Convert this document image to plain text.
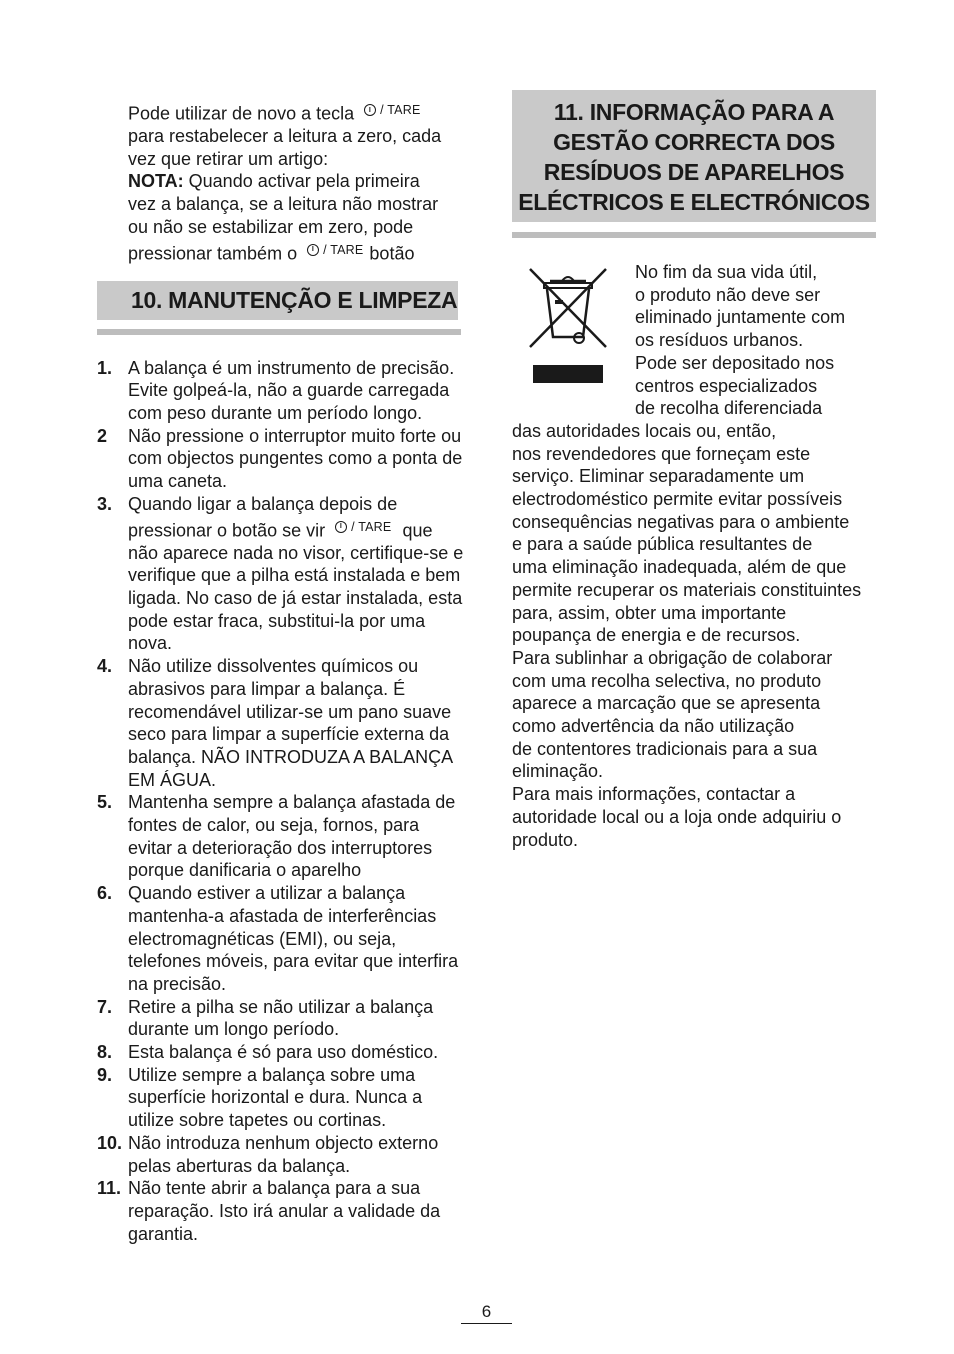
Pode utilizar de novo a tecla / TARE
para restabelecer a leitura a zero, cada
vez que retirar um artigo:
NOTA: Quando activar pela primeira
vez a balança, se a leitura não mostrar
ou não se estabilizar em zero, pode
pressionar também o / TARE botão
10. MANUTENÇÃO E LIMPEZA
1. A balança é um instrumento de precisão. Evite golpeá-la, não a guarde carregada com peso durante um período longo.
2	Não pressione o interruptor muito forte ou com objectos pungentes como a ponta de uma caneta.
3. Quando ligar a balança depois de pressionar o botão se vir / TARE que não aparece nada no visor, certifique-se e verifique que a pilha está instalada e bem ligada. No caso de já estar instalada, esta pode estar fraca, substitui-la por uma nova.
4. Não utilize dissolventes químicos ou abrasivos para limpar a balança. É recomendável utilizar-se um pano suave seco para limpar a superfície externa da balança. NÃO INTRODUZA A BALANÇA EM ÁGUA.
5. Mantenha sempre a balança afastada de fontes de calor, ou seja, fornos, para evitar a deterioração dos interruptores porque danificaria o aparelho
6. Quando estiver a utilizar a balança mantenha-a afastada de interferências electromagnéticas (EMI), ou seja, telefones móveis, para evitar que interfira na precisão.
7. Retire a pilha se não utilizar a balança durante um longo período.
8. Esta balança é só para uso doméstico.
9. Utilize sempre a balança sobre uma superfície horizontal e dura. Nunca a utilize sobre tapetes ou cortinas.
10. Não introduza nenhum objecto externo pelas aberturas da balança.
11. Não tente abrir a balança para a sua reparação. Isto irá anular a validade da garantia.
11. INFORMAÇÃO PARA A GESTÃO CORRECTA DOS RESÍDUOS DE APARELHOS ELÉCTRICOS E ELECTRÓNICOS
No fim da sua vida útil,
o produto não deve ser
eliminado juntamente com
os resíduos urbanos.
Pode ser depositado nos
centros especializados
de recolha diferenciada
das autoridades locais ou, então,
nos revendedores que forneçam este
serviço. Eliminar separadamente um
electrodoméstico permite evitar possíveis
consequências negativas para o ambiente
e para a saúde pública resultantes de
uma eliminação inadequada, além de que
permite recuperar os materiais constituintes
para, assim, obter uma importante
poupança de energia e de recursos.
Para sublinhar a obrigação de colaborar
com uma recolha selectiva, no produto
aparece a marcação que se apresenta
como advertência da não utilização
de contentores tradicionais para a sua
eliminação.
Para mais informações, contactar a
autoridade local ou a loja onde adquiriu o
produto.
6
